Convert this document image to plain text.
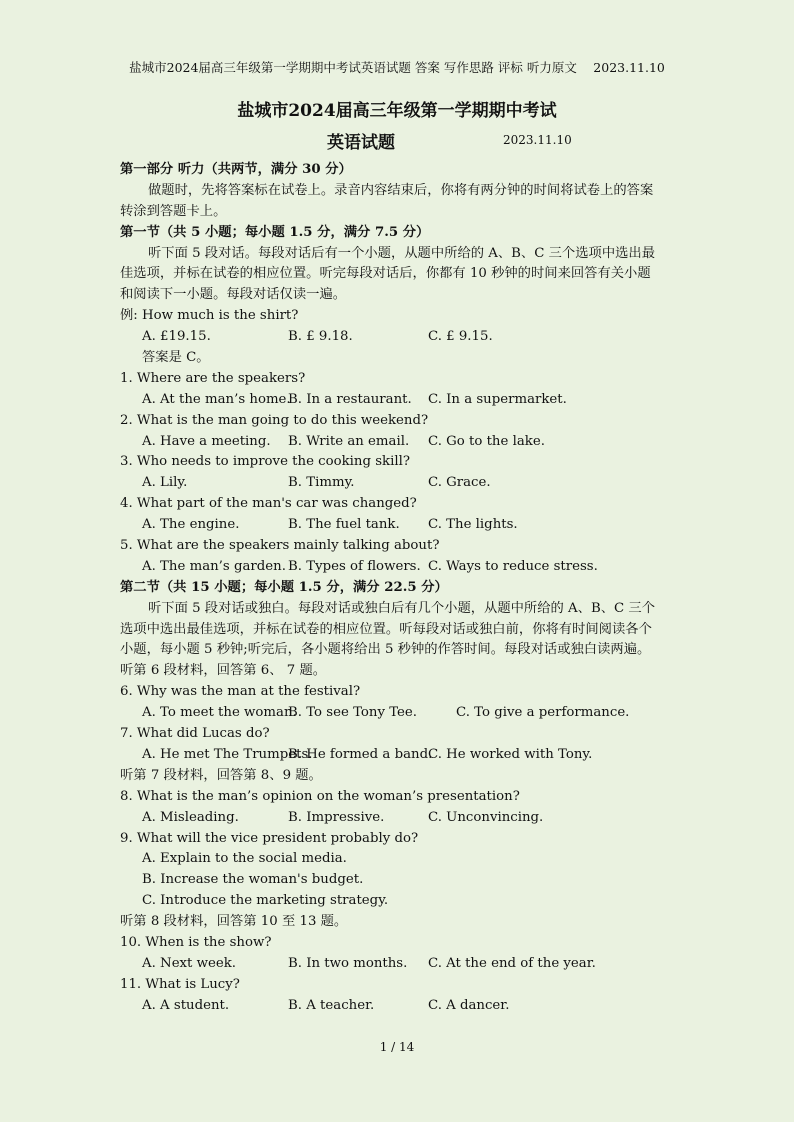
盐城市2024届高三年级第一学期期中考试英语试题 答案 写作思路 评标 听力原文　 2023.11.10
盐城市2024届高三年级第一学期期中考试
英语试题	2023.11.10
第一部分 听力（共两节，满分 30 分）
做题时，先将答案标在试卷上。录音内容结束后，你将有两分钟的时间将试卷上的答案
转涂到答题卡上。
第一节（共 5 小题；每小题 1.5 分，满分 7.5 分）
听下面 5 段对话。每段对话后有一个小题，从题中所给的 A、B、C 三个选项中选出最
佳选项，并标在试卷的相应位置。听完每段对话后，你都有 10 秒钟的时间来回答有关小题
和阅读下一小题。每段对话仅读一遍。
例: How much is the shirt?
A. £19.15.	B. £ 9.18.	C. £ 9.15.
答案是 C。
1. Where are the speakers?
A. At the man’s home.
B. In a restaurant. C. In a supermarket.
2. What is the man going to do this weekend?
A. Have a meeting. B. Write an email. C. Go to the lake.
3. Who needs to improve the cooking skill?
A. Lily.	B. Timmy.	C. Grace.
4. What part of the man's car was changed?
A. The engine.	B. The fuel tank. C. The lights.
5. What are the speakers mainly talking about?
A. The man’s garden. B. Types of flowers. C. Ways to reduce stress.
第二节（共 15 小题；每小题 1.5 分，满分 22.5 分）
听下面 5 段对话或独白。每段对话或独白后有几个小题，从题中所给的 A、B、C 三个
选项中选出最佳选项，并标在试卷的相应位置。听每段对话或独白前，你将有时间阅读各个
小题，每小题 5 秒钟;听完后，各小题将给出 5 秒钟的作答时间。每段对话或独白读两遍。
听第 6 段材料，回答第 6、 7 题。
6. Why was the man at the festival?
A. To meet the woman.
B. To see Tony Tee.	C. To give a performance.
7. What did Lucas do?
A. He met The Trumpets.
B. He formed a band.
C. He worked with Tony.
听第 7 段材料，回答第 8、9 题。
8. What is the man’s opinion on the woman’s presentation?
A. Misleading.	B. Impressive.	C. Unconvincing.
9. What will the vice president probably do?
A. Explain to the social media.
B. Increase the woman's budget.
C. Introduce the marketing strategy.
听第 8 段材料，回答第 10 至 13 题。
10. When is the show?
A. Next week.	B. In two months. C. At the end of the year.
11. What is Lucy?
A. A student.	B. A teacher.	C. A dancer.
1 / 14
